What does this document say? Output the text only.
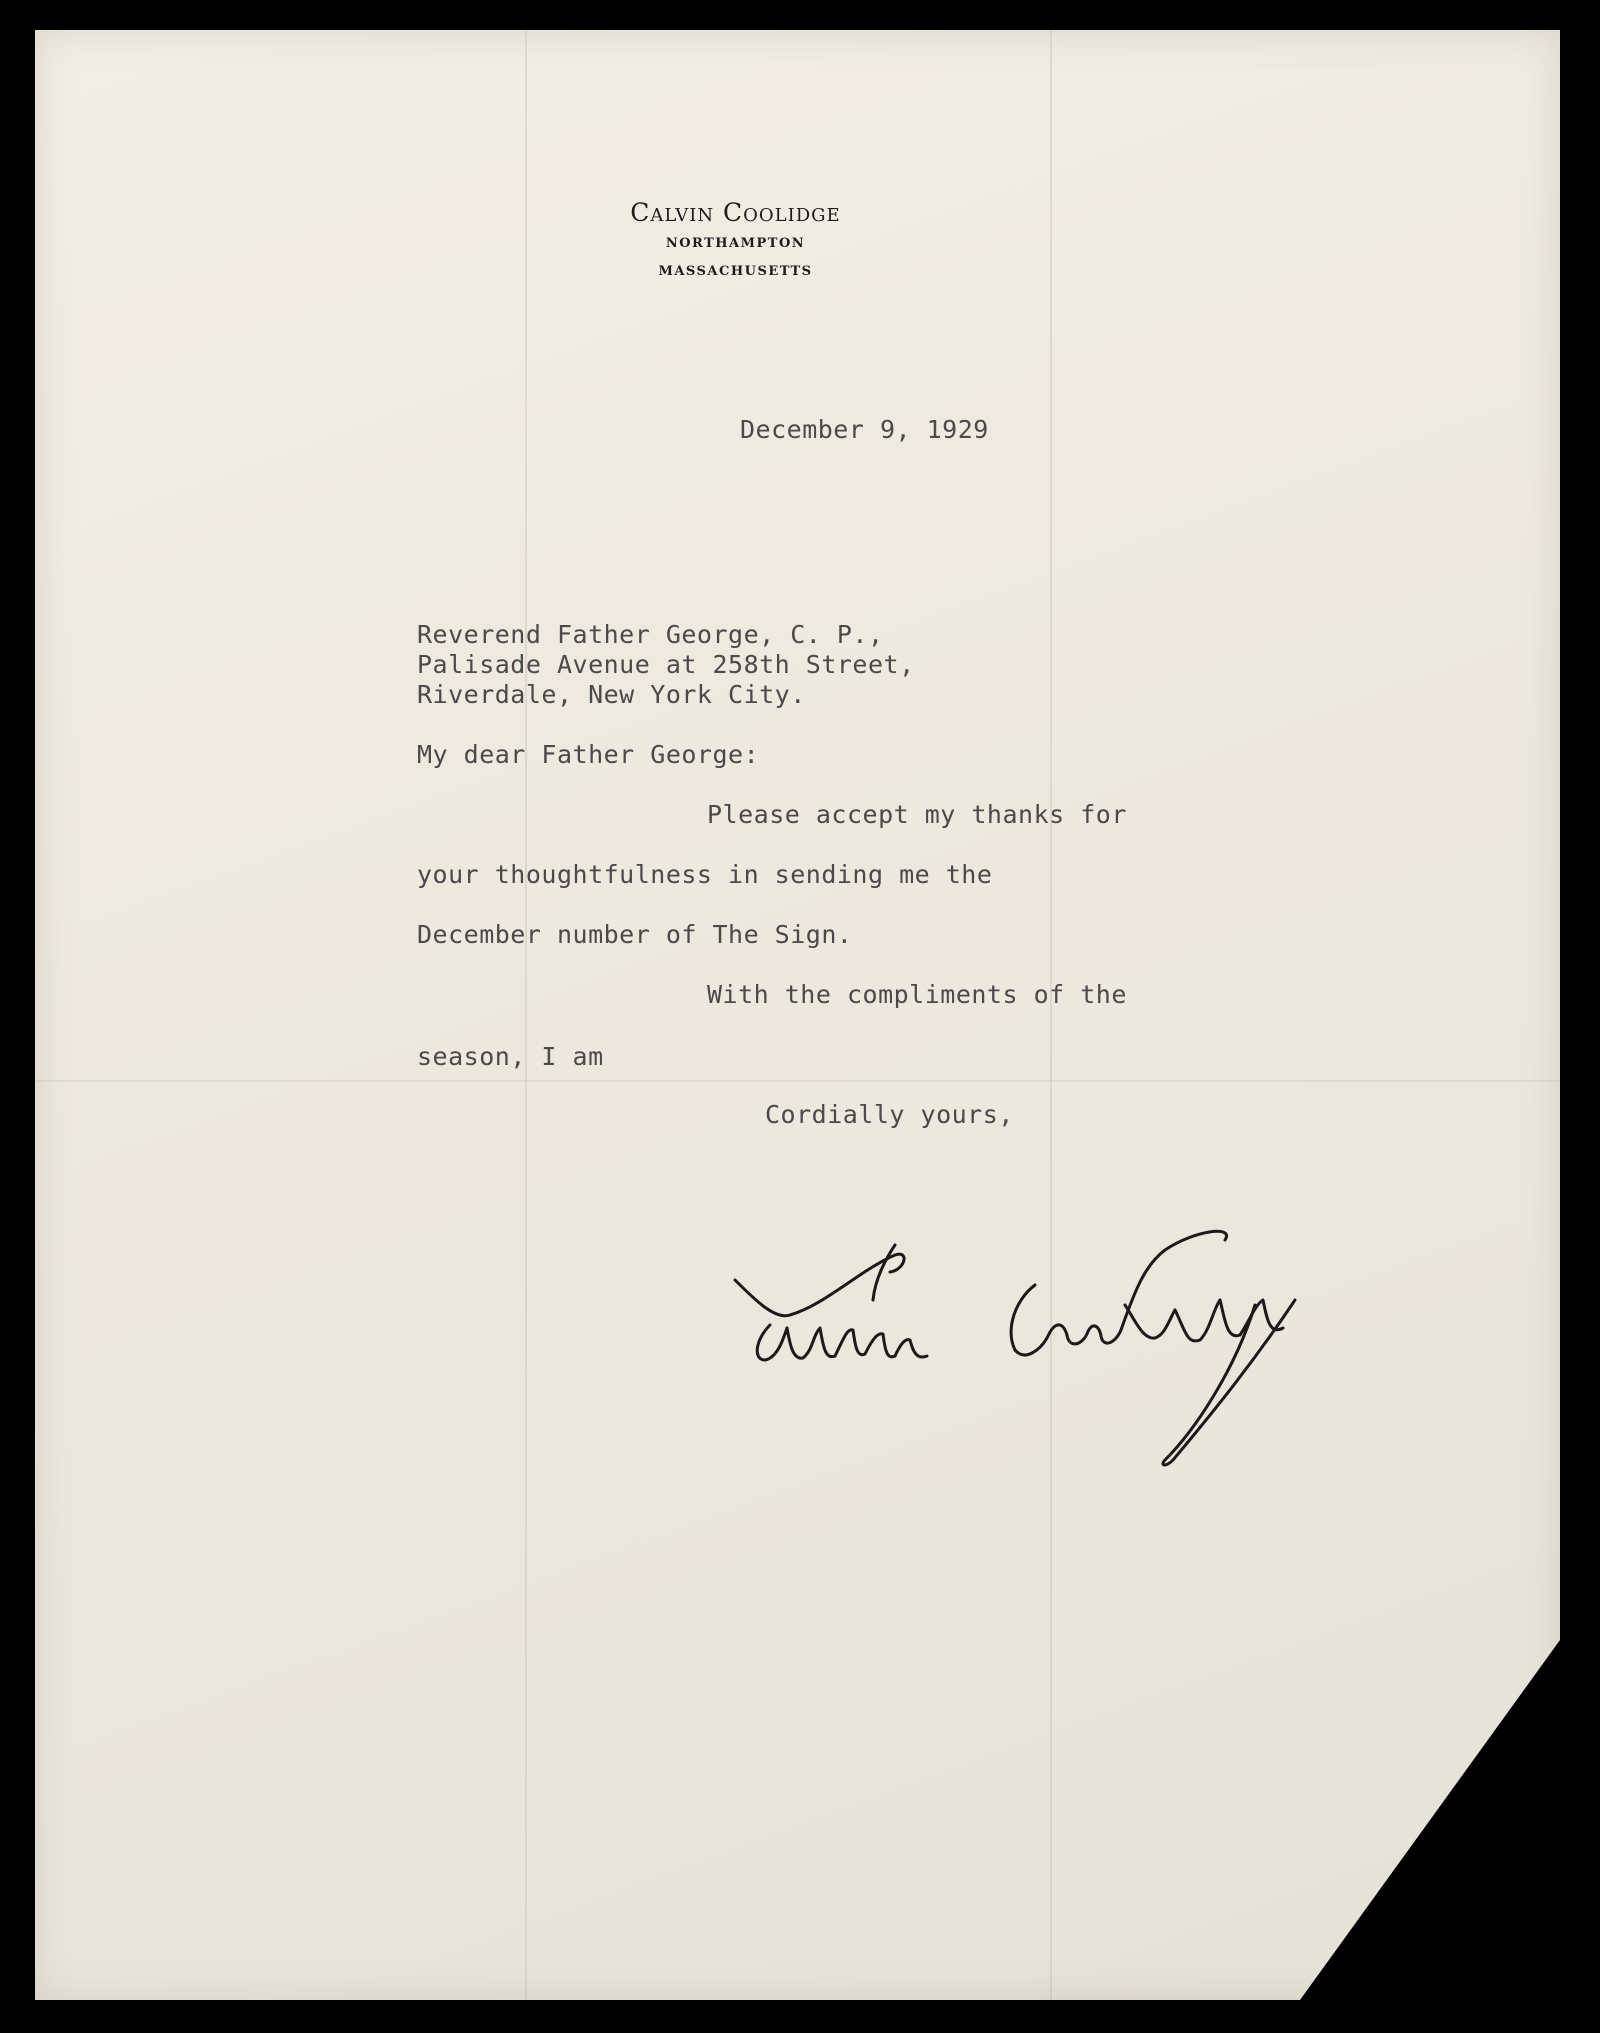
Calvin Coolidge
NORTHAMPTON
MASSACHUSETTS
December 9, 1929
Reverend Father George, C. P.,
Palisade Avenue at 258th Street,
Riverdale, New York City.
My dear Father George:
Please accept my thanks for
your thoughtfulness in sending me the
December number of The Sign.
With the compliments of the
season, I am
Cordially yours,
